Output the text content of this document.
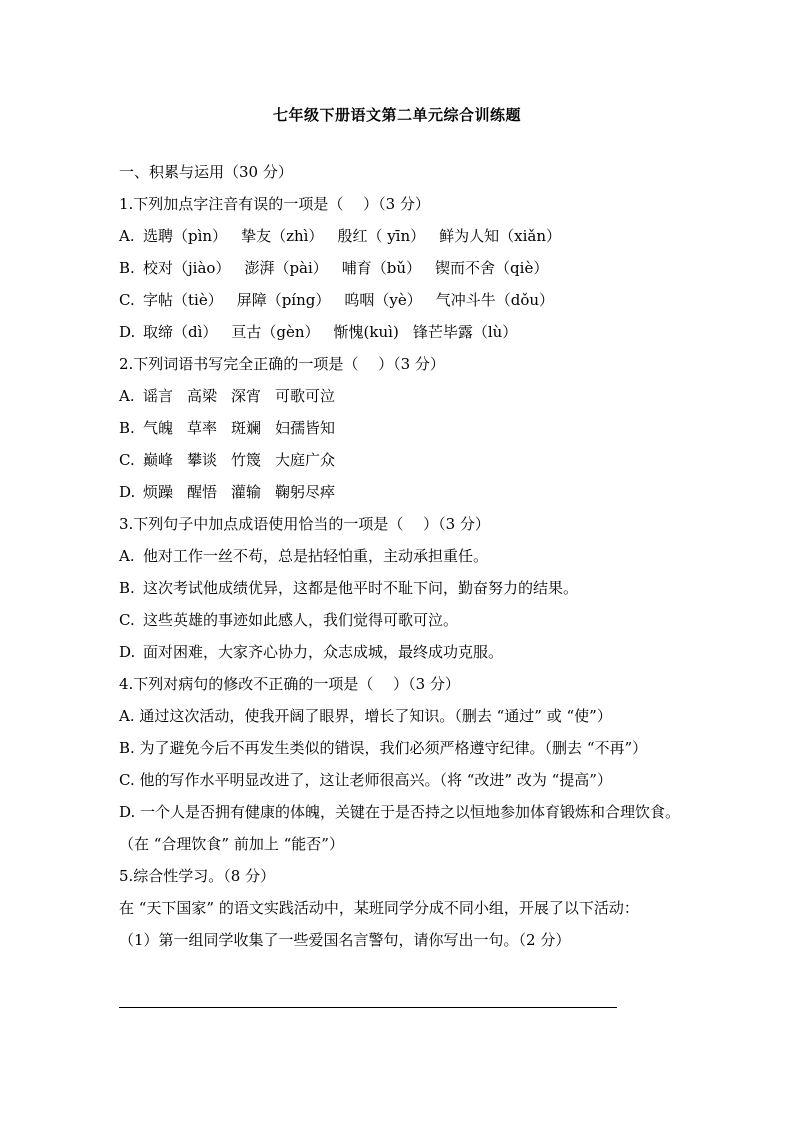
七年级下册语文第二单元综合训练题
一、积累与运用（30 分）
1.下列加点字注音有误的一项是（　 ）（3 分）
A. 选聘（pìn） 挚友（zhì） 殷红（ yīn） 鲜为人知（xiǎn）
B. 校对（jiào） 澎湃（pài） 哺育（bǔ） 锲而不舍（qiè）
C. 字帖（tiè） 屏障（píng） 呜咽（yè） 气冲斗牛（dǒu）
D. 取缔（dì） 亘古（gèn） 惭愧(kuì) 锋芒毕露（lù）
2.下列词语书写完全正确的一项是（　 ）（3 分）
A. 谣言 高梁 深宵 可歌可泣
B. 气魄 草率 斑斓 妇孺皆知
C. 巅峰 攀谈 竹篾 大庭广众
D. 烦躁 醒悟 灌输 鞠躬尽瘁
3.下列句子中加点成语使用恰当的一项是（　 ）（3 分）
A. 他对工作一丝不苟，总是拈轻怕重，主动承担重任。
B. 这次考试他成绩优异，这都是他平时不耻下问，勤奋努力的结果。
C. 这些英雄的事迹如此感人，我们觉得可歌可泣。
D. 面对困难，大家齐心协力，众志成城，最终成功克服。
4.下列对病句的修改不正确的一项是（　 ）（3 分）
A. 通过这次活动，使我开阔了眼界，增长了知识。（删去 “通过” 或 “使”）
B. 为了避免今后不再发生类似的错误，我们必须严格遵守纪律。（删去 “不再”）
C. 他的写作水平明显改进了，这让老师很高兴。（将 “改进” 改为 “提高”）
D. 一个人是否拥有健康的体魄，关键在于是否持之以恒地参加体育锻炼和合理饮食。（在 “合理饮食” 前加上 “能否”）
5.综合性学习。（8 分）
在 “天下国家” 的语文实践活动中，某班同学分成不同小组，开展了以下活动：
（1）第一组同学收集了一些爱国名言警句，请你写出一句。（2 分）
